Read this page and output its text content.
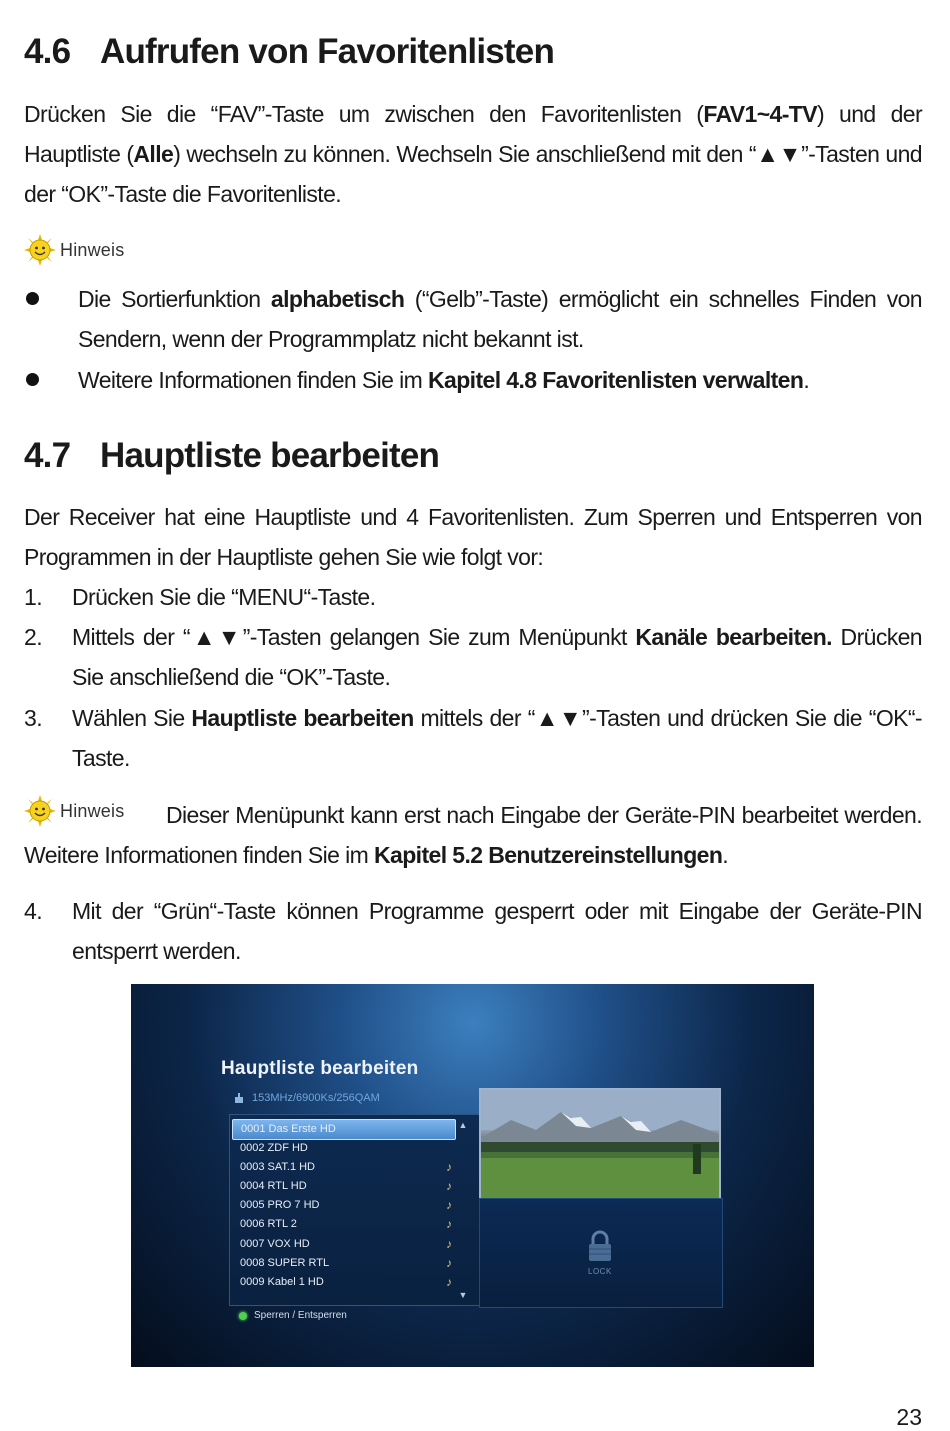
4.6 Aufrufen von Favoritenlisten

Drücken Sie die “FAV”-Taste um zwischen den Favoritenlisten (FAV1~4-TV) und der Hauptliste (Alle) wechseln zu können. Wechseln Sie anschließend mit den “▲▼”-Tasten und der “OK”-Taste die Favoritenliste.

Hinweis
Die Sortierfunktion alphabetisch (“Gelb”-Taste) ermöglicht ein schnelles Finden von Sendern, wenn der Programmplatz nicht bekannt ist.
Weitere Informationen finden Sie im Kapitel 4.8 Favoritenlisten verwalten.
4.7 Hauptliste bearbeiten

Der Receiver hat eine Hauptliste und 4 Favoritenlisten. Zum Sperren und Entsperren von Programmen in der Hauptliste gehen Sie wie folgt vor:

1. Drücken Sie die “MENU“-Taste.
2. Mittels der “▲▼”-Tasten gelangen Sie zum Menüpunkt Kanäle bearbeiten. Drücken Sie anschließend die “OK”-Taste.
3. Wählen Sie Hauptliste bearbeiten mittels der “▲▼”-Tasten und drücken Sie die “OK“-Taste.
Hinweis	Dieser Menüpunkt kann erst nach Eingabe der Geräte-PIN bearbeitet werden. Weitere Informationen finden Sie im Kapitel 5.2 Benutzereinstellungen.

4. Mit der “Grün“-Taste können Programme gesperrt oder mit Eingabe der Geräte-PIN entsperrt werden.
Hauptliste bearbeiten
153MHz/6900Ks/256QAM
0001 Das Erste HD
0002 ZDF HD
0003 SAT.1 HD	♪
0004 RTL HD	♪
0005 PRO 7 HD	♪
0006 RTL 2	♪
0007 VOX HD	♪
0008 SUPER RTL	♪
0009 Kabel 1 HD	♪
▲
▼
LOCK
Sperren / Entsperren
23
